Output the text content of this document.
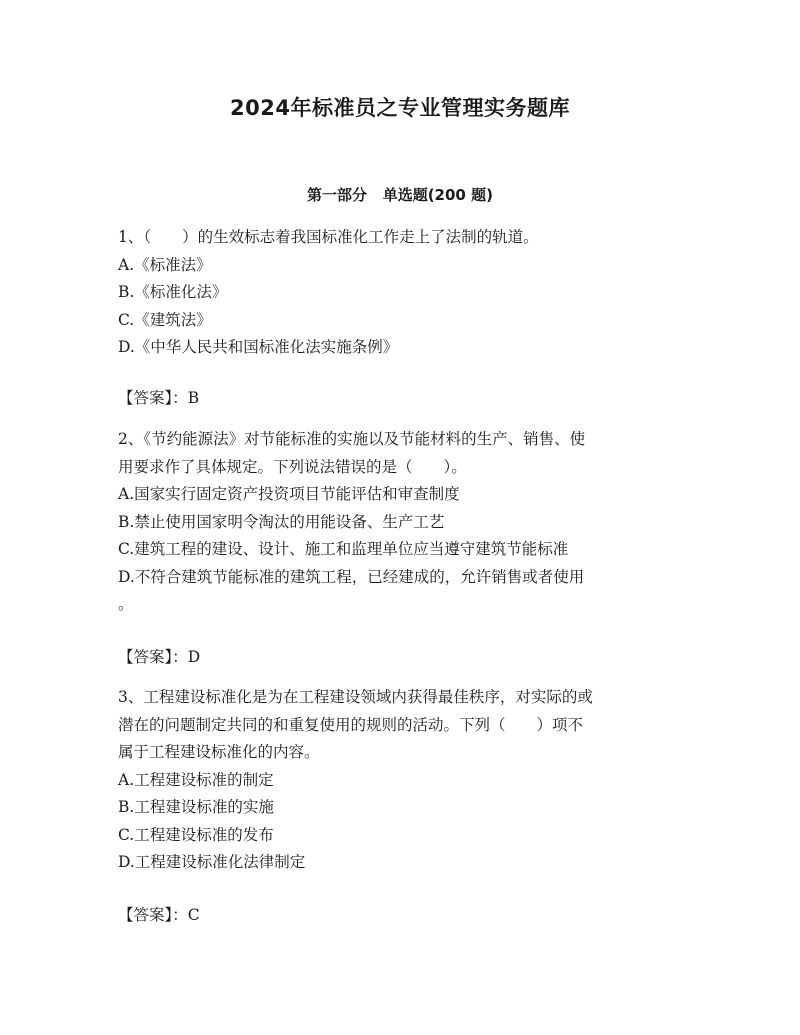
2024年标准员之专业管理实务题库
第一部分   单选题(200 题)
1、（　　）的生效标志着我国标准化工作走上了法制的轨道。
A.《标准法》
B.《标准化法》
C.《建筑法》
D.《中华人民共和国标准化法实施条例》
【答案】：B
2、《节约能源法》对节能标准的实施以及节能材料的生产、销售、使
用要求作了具体规定。下列说法错误的是（　　）。
A.国家实行固定资产投资项目节能评估和审查制度
B.禁止使用国家明令淘汰的用能设备、生产工艺
C.建筑工程的建设、设计、施工和监理单位应当遵守建筑节能标准
D.不符合建筑节能标准的建筑工程，已经建成的，允许销售或者使用
。
【答案】：D
3、工程建设标准化是为在工程建设领域内获得最佳秩序，对实际的或
潜在的问题制定共同的和重复使用的规则的活动。下列（　　）项不
属于工程建设标准化的内容。
A.工程建设标准的制定
B.工程建设标准的实施
C.工程建设标准的发布
D.工程建设标准化法律制定
【答案】：C
